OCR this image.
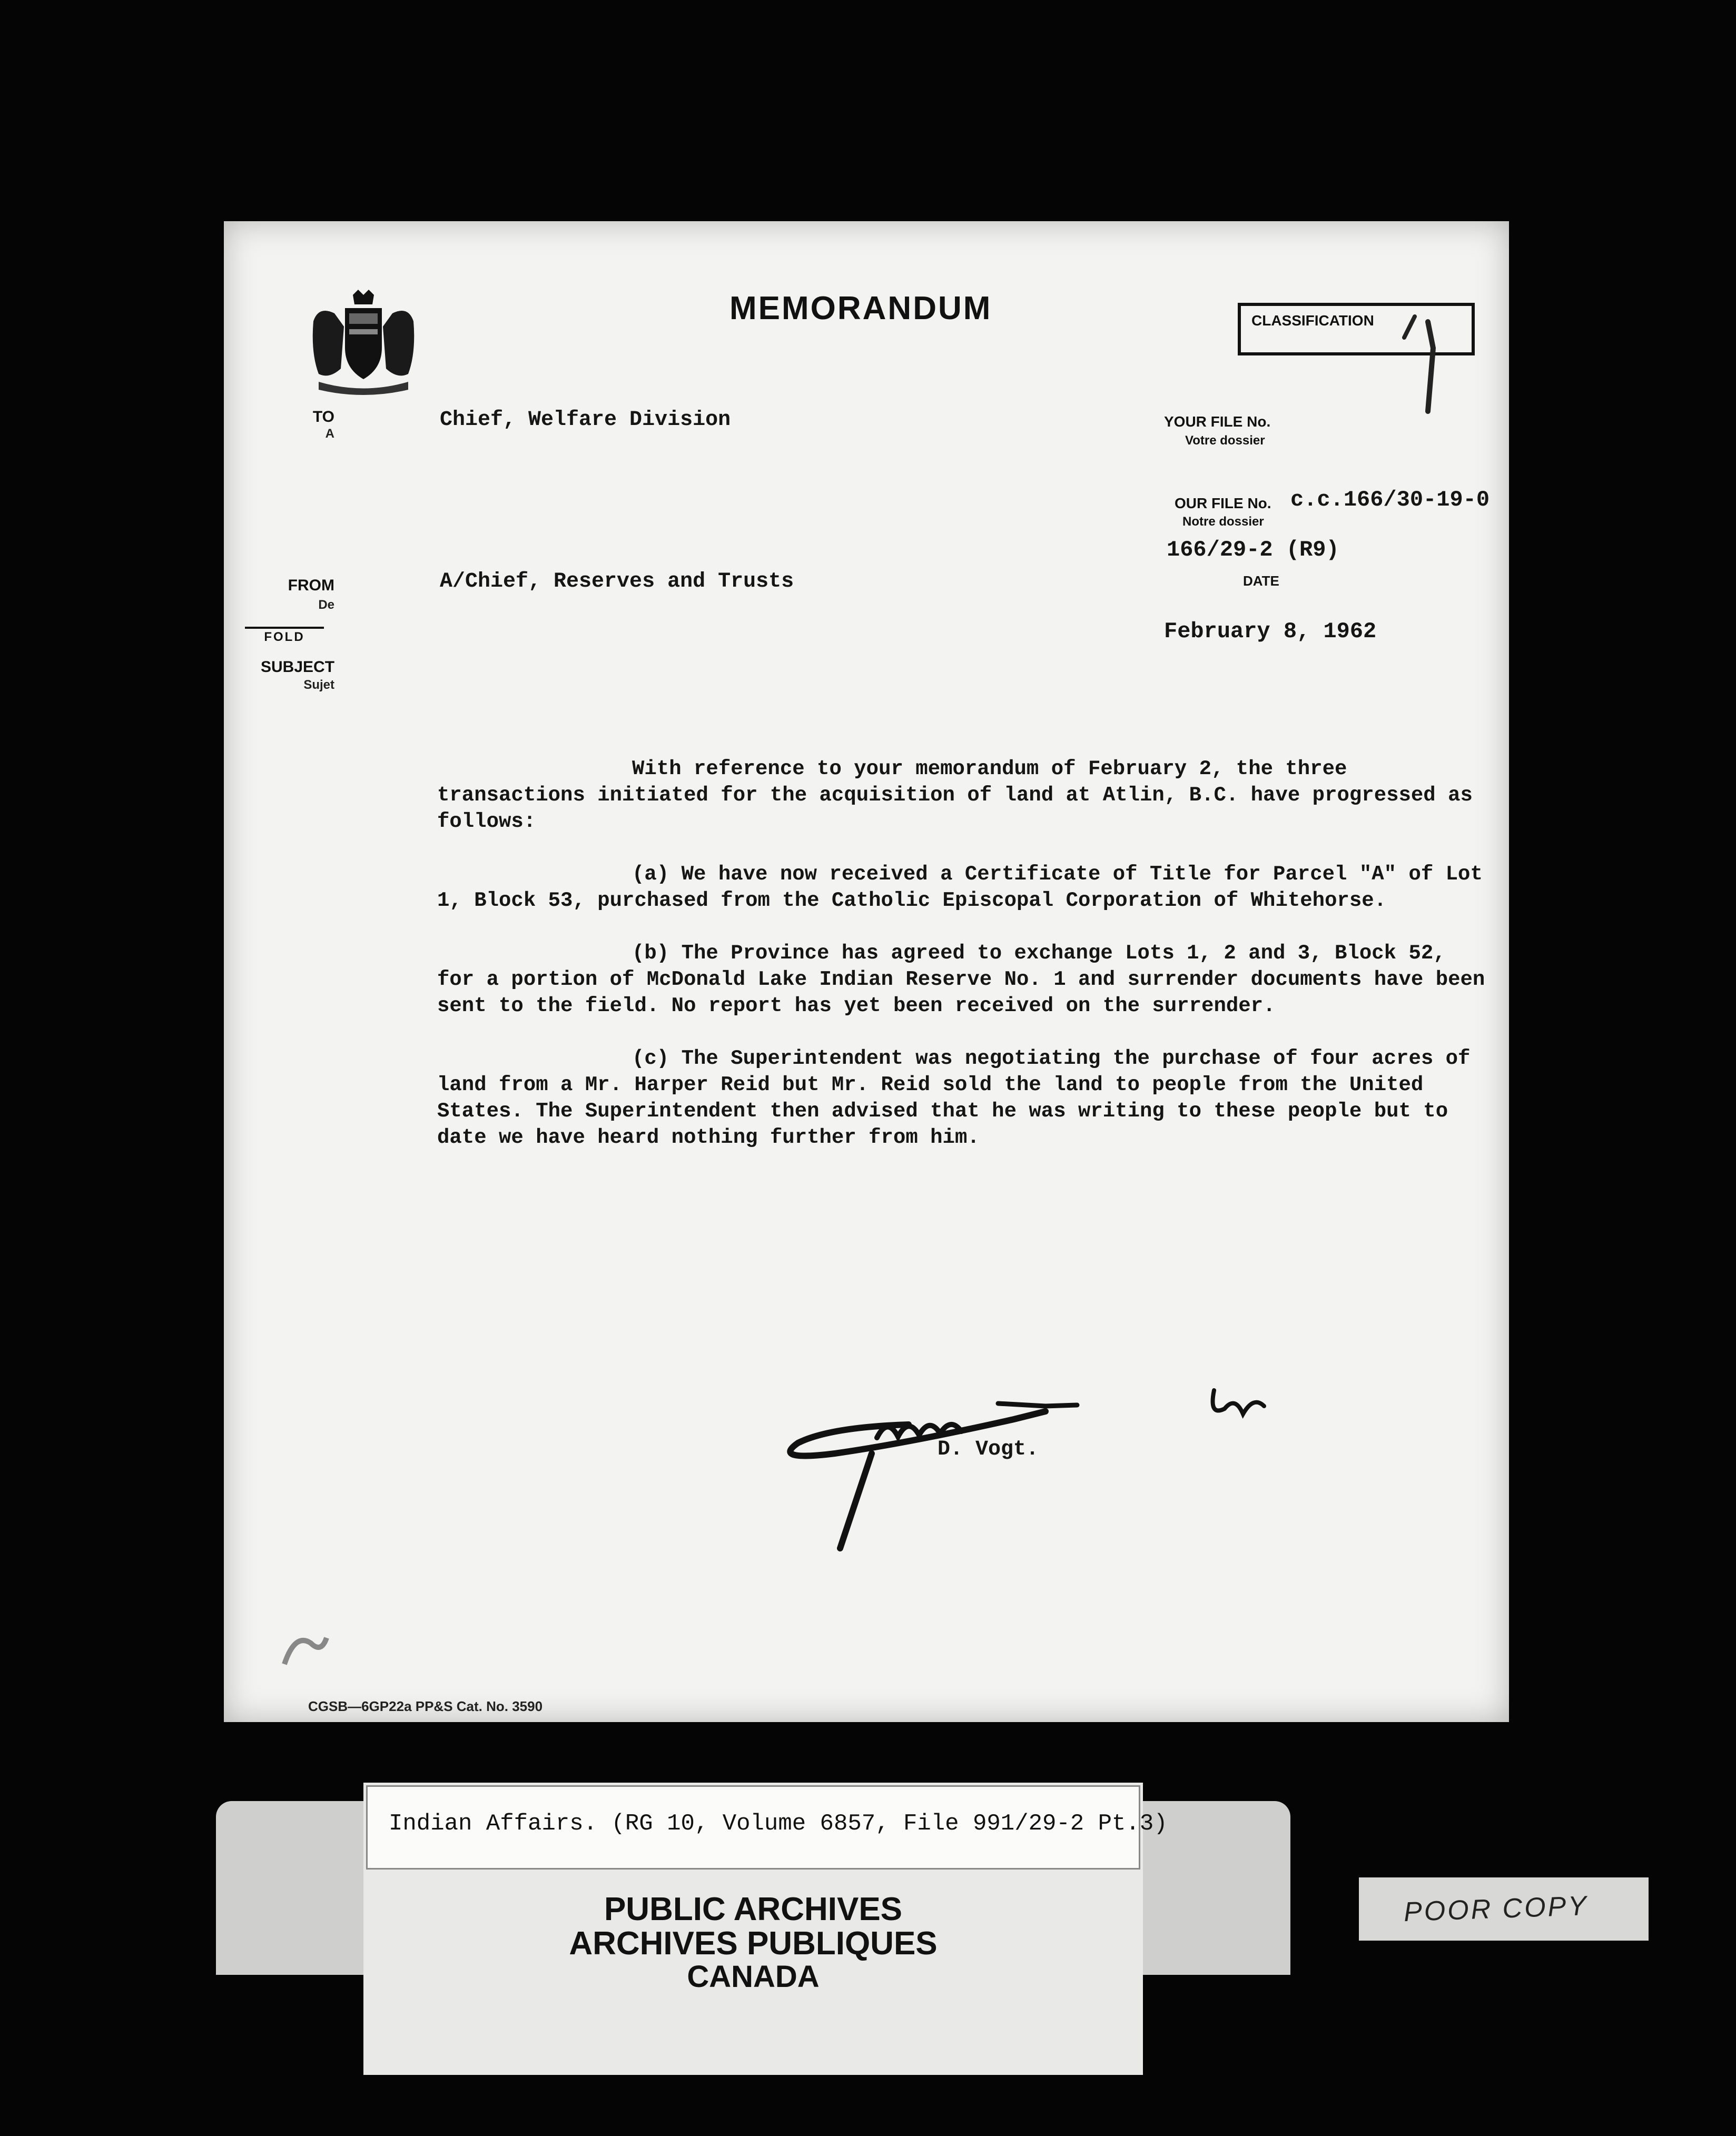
MEMORANDUM	CLASSIFICATION
TO
A
Chief, Welfare Division
FROM
De
A/Chief, Reserves and Trusts
FOLD
SUBJECT
Sujet
YOUR FILE No.
Votre dossier
OUR FILE No.
Notre dossier
c.c.166/30-19-0
166/29-2 (R9)
DATE
February 8, 1962

With reference to your memorandum of February 2, the three transactions initiated for the acquisition of land at Atlin, B.C. have progressed as follows:

(a) We have now received a Certificate of Title for Parcel "A" of Lot 1, Block 53, purchased from the Catholic Episcopal Corporation of Whitehorse.

(b) The Province has agreed to exchange Lots 1, 2 and 3, Block 52, for a portion of McDonald Lake Indian Reserve No. 1 and surrender documents have been sent to the field. No report has yet been received on the surrender.

(c) The Superintendent was negotiating the purchase of four acres of land from a Mr. Harper Reid but Mr. Reid sold the land to people from the United States. The Superintendent then advised that he was writing to these people but to date we have heard nothing further from him.

D. Vogt.
CGSB—6GP22a PP&S Cat. No. 3590
Indian Affairs. (RG 10, Volume 6857, File 991/29-2 Pt.3)
PUBLIC ARCHIVES
ARCHIVES PUBLIQUES
CANADA
POOR COPY
